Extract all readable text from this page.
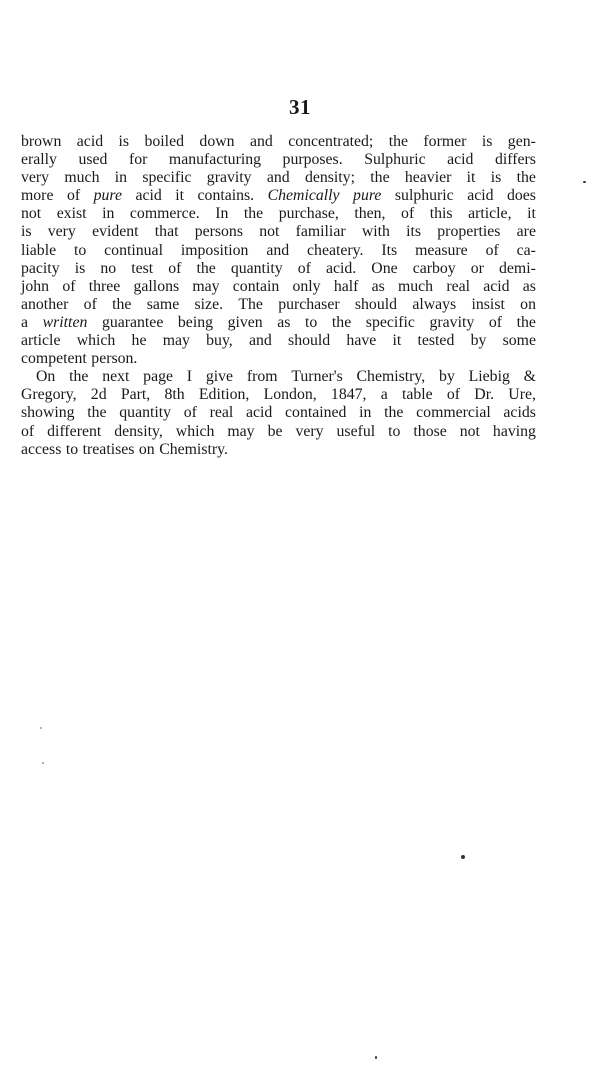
31
brown acid is boiled down and concentrated; the former is gen-
erally used for manufacturing purposes. Sulphuric acid differs
very much in specific gravity and density; the heavier it is the
more of pure acid it contains. Chemically pure sulphuric acid does
not exist in commerce. In the purchase, then, of this article, it
is very evident that persons not familiar with its properties are
liable to continual imposition and cheatery. Its measure of ca-
pacity is no test of the quantity of acid. One carboy or demi-
john of three gallons may contain only half as much real acid as
another of the same size. The purchaser should always insist on
a written guarantee being given as to the specific gravity of the
article which he may buy, and should have it tested by some
competent person.
On the next page I give from Turner's Chemistry, by Liebig &
Gregory, 2d Part, 8th Edition, London, 1847, a table of Dr. Ure,
showing the quantity of real acid contained in the commercial acids
of different density, which may be very useful to those not having
access to treatises on Chemistry.
